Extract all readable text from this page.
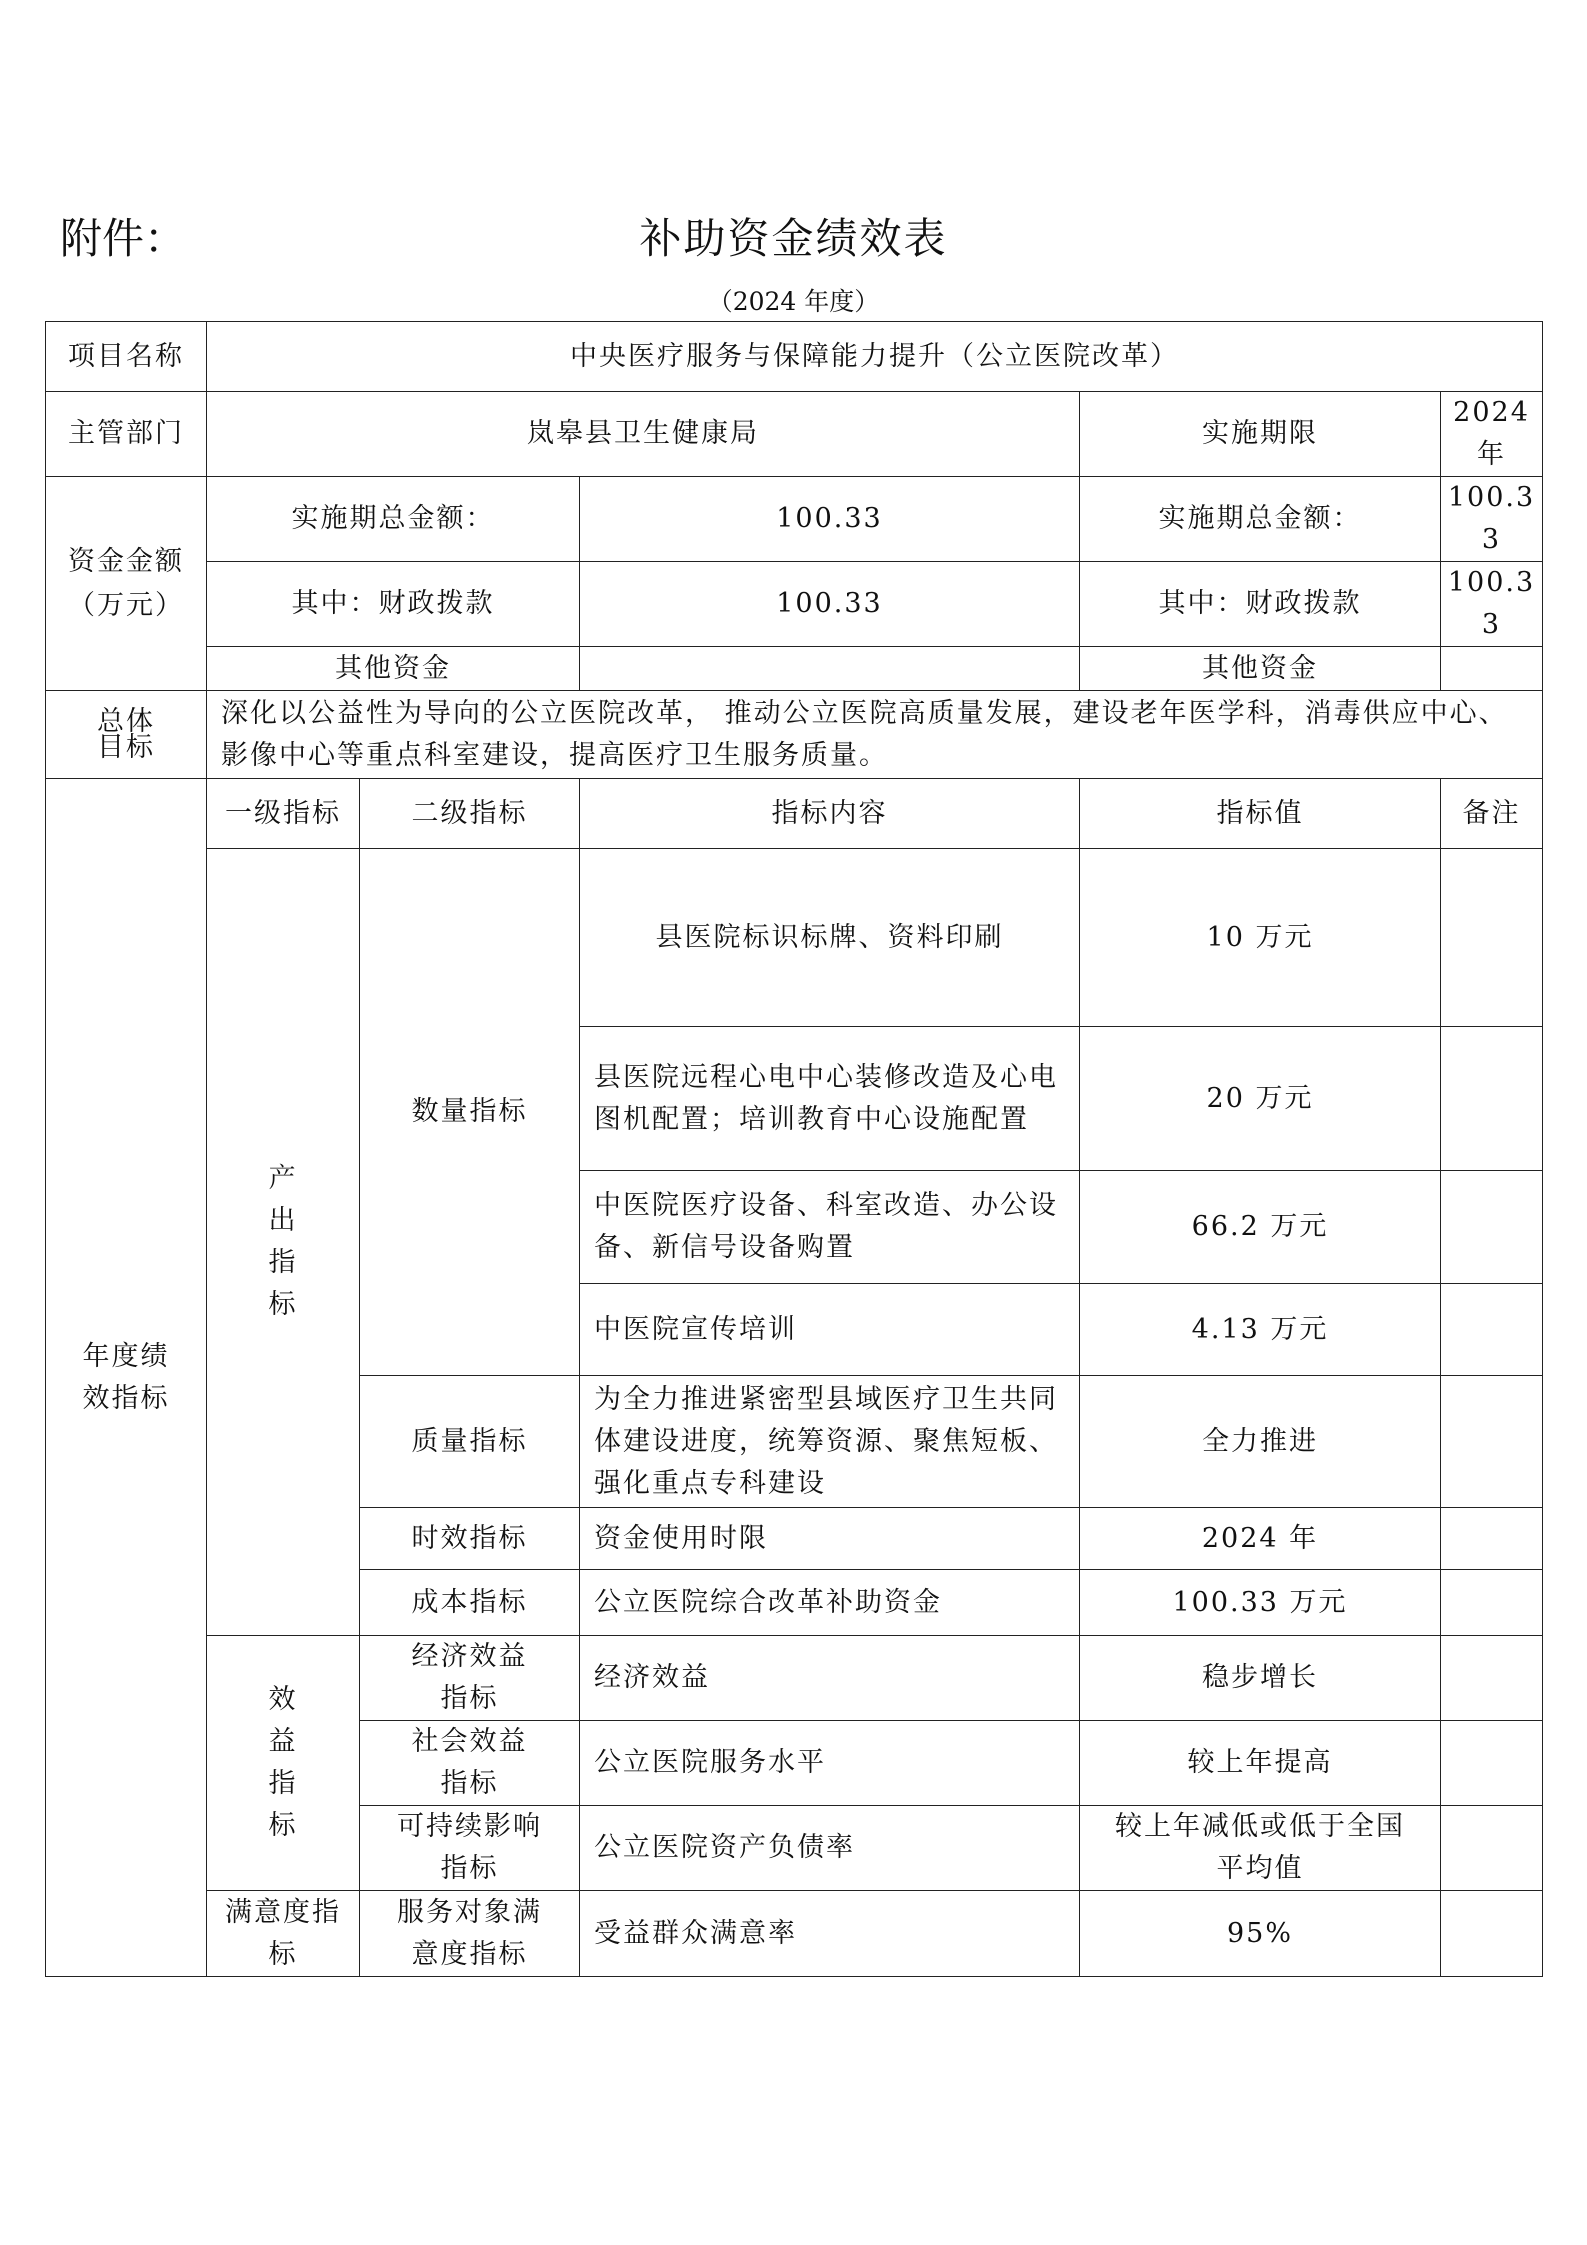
附件：	补助资金绩效表
（2024 年度）
项目名称	中央医疗服务与保障能力提升（公立医院改革）				
主管部门	岚皋县卫生健康局			实施期限	2024 年
资金金额（万元）	实施期总金额：		100.33	实施期总金额：	100.33
	其中：财政拨款		100.33	其中：财政拨款	100.33
	其他资金			其他资金	
总体目标	深化以公益性为导向的公立医院改革， 推动公立医院高质量发展，建设老年医学科，消毒供应中心、影像中心等重点科室建设，提高医疗卫生服务质量。				
年度绩效指标	一级指标	二级指标	指标内容	指标值	备注
	产出指标	数量指标	县医院标识标牌、资料印刷	10 万元	
			县医院远程心电中心装修改造及心电图机配置；培训教育中心设施配置	20 万元	
			中医院医疗设备、科室改造、办公设备、新信号设备购置	66.2 万元	
			中医院宣传培训	4.13 万元	
		质量指标	为全力推进紧密型县域医疗卫生共同体建设进度，统筹资源、聚焦短板、强化重点专科建设	全力推进	
		时效指标	资金使用时限	2024 年	
		成本指标	公立医院综合改革补助资金	100.33 万元	
	效益指标	经济效益指标	经济效益	稳步增长	
		社会效益指标	公立医院服务水平	较上年提高	
		可持续影响指标	公立医院资产负债率	较上年减低或低于全国平均值	
	满意度指标	服务对象满意度指标	受益群众满意率	95%	
